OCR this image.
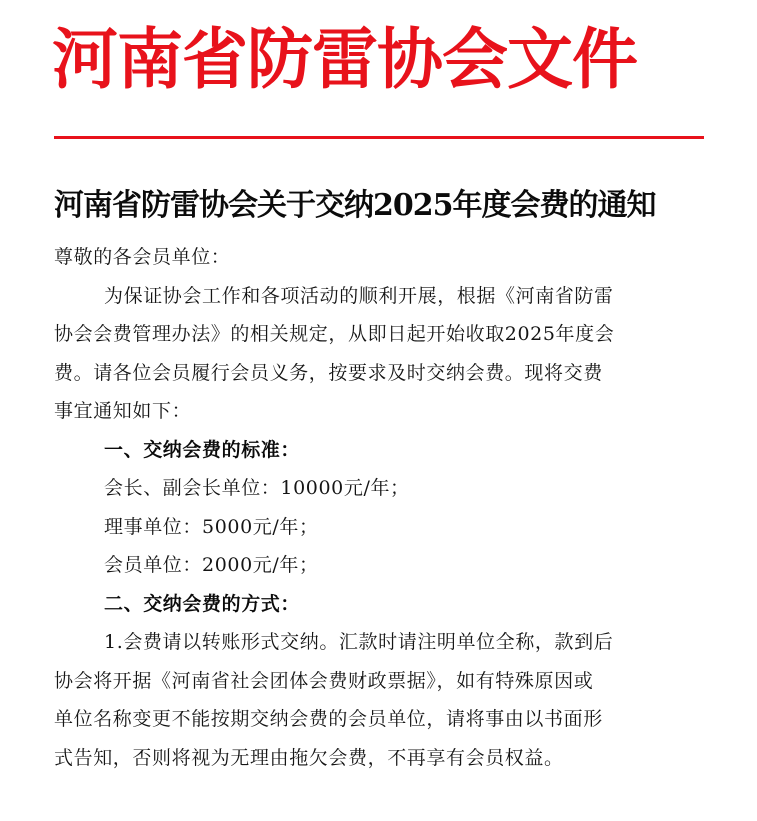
河南省防雷协会文件
河南省防雷协会关于交纳2025年度会费的通知

尊敬的各会员单位：

为保证协会工作和各项活动的顺利开展，根据《河南省防雷

协会会费管理办法》的相关规定，从即日起开始收取2025年度会

费。请各位会员履行会员义务，按要求及时交纳会费。现将交费

事宜通知如下：

一、交纳会费的标准：

会长、副会长单位：10000元/年；

理事单位：5000元/年；

会员单位：2000元/年；

二、交纳会费的方式：

1.会费请以转账形式交纳。汇款时请注明单位全称，款到后

协会将开据《河南省社会团体会费财政票据》，如有特殊原因或

单位名称变更不能按期交纳会费的会员单位，请将事由以书面形

式告知，否则将视为无理由拖欠会费，不再享有会员权益。
